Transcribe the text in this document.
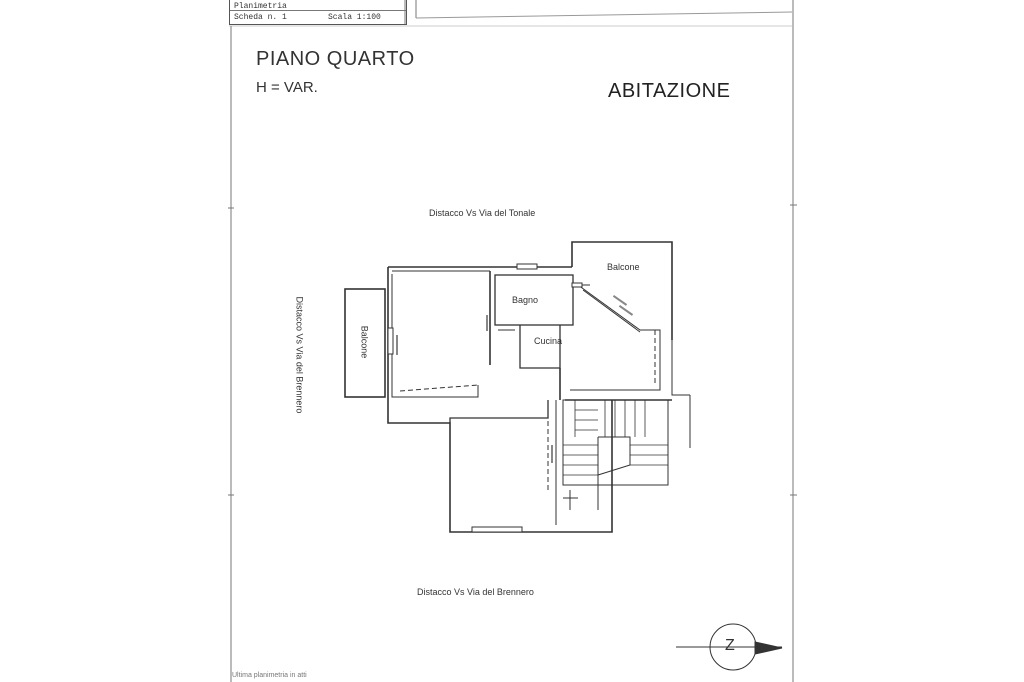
Planimetria
Scheda n. 1	Scala 1:100
PIANO QUARTO
H = VAR.	ABITAZIONE
Distacco Vs Via del Tonale
Distacco Vs Via del Brennero
Distacco Vs Via del Brennero
Balcone
Balcone
Bagno
Cucina
Z
Ultima planimetria in atti
